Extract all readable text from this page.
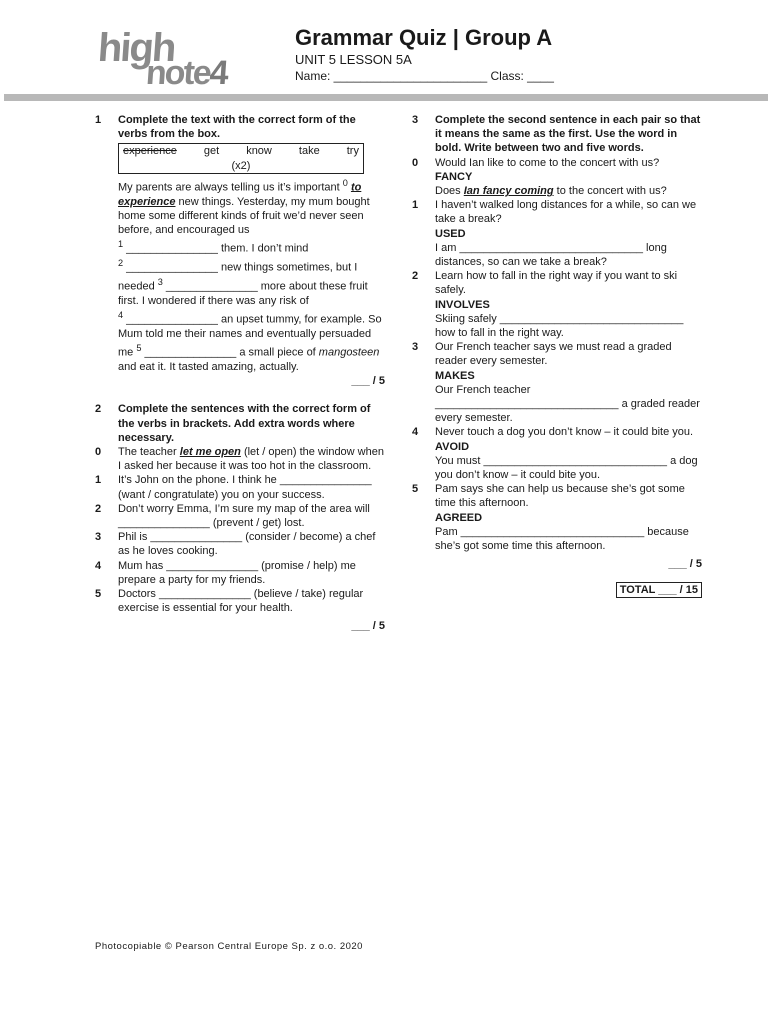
high
note4
Grammar Quiz | Group A
UNIT 5 LESSON 5A
Name: _______________________ Class: ____
1 Complete the text with the correct form of the verbs from the box.
experience get know take try
(x2)
My parents are always telling us it’s important $^0$ to experience new things. Yesterday, my mum bought home some different kinds of fruit we’d never seen before, and encouraged us
$^1$ _______________ them. I don’t mind
$^2$ _______________ new things sometimes, but I needed $^3$ _______________ more about these fruit first. I wondered if there was any risk of
$^4$ _______________ an upset tummy, for example. So Mum told me their names and eventually persuaded me $^5$ _______________ a small piece of mangosteen and eat it. It tasted amazing, actually.
___ / 5
2 Complete the sentences with the correct form of the verbs in brackets. Add extra words where necessary.
0 The teacher let me open (let / open) the window when I asked her because it was too hot in the classroom.
1 It’s John on the phone. I think he _______________ (want / congratulate) you on your success.
2 Don’t worry Emma, I’m sure my map of the area will _______________ (prevent / get) lost.
3 Phil is _______________ (consider / become) a chef as he loves cooking.
4 Mum has _______________ (promise / help) me prepare a party for my friends.
5 Doctors _______________ (believe / take) regular exercise is essential for your health.
___ / 5
3 Complete the second sentence in each pair so that it means the same as the first. Use the word in bold. Write between two and five words.
0 Would Ian like to come to the concert with us?
FANCY
Does Ian fancy coming to the concert with us?
1 I haven’t walked long distances for a while, so can we take a break?
USED
I am ______________________________ long distances, so can we take a break?
2 Learn how to fall in the right way if you want to ski safely.
INVOLVES
Skiing safely ______________________________ how to fall in the right way.
3 Our French teacher says we must read a graded reader every semester.
MAKES
Our French teacher ______________________________ a graded reader every semester.
4 Never touch a dog you don’t know – it could bite you.
AVOID
You must ______________________________ a dog you don’t know – it could bite you.
5 Pam says she can help us because she’s got some time this afternoon.
AGREED
Pam ______________________________ because she’s got some time this afternoon.
___ / 5
TOTAL ___ / 15
Photocopiable © Pearson Central Europe Sp. z o.o. 2020
